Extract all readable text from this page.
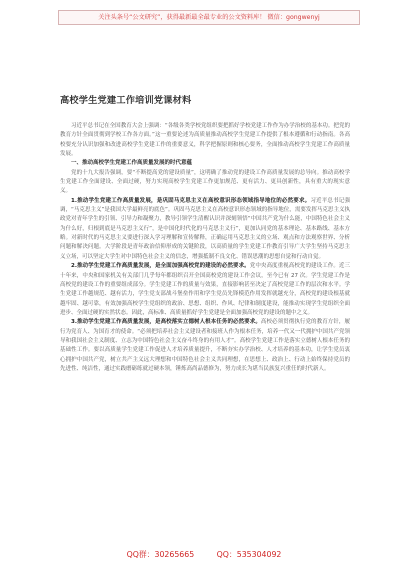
关注头条号“公文研究”，获得最新最全最专业的公文资料库！ 微信：gongwenyj
高校学生党建工作培训党课材料

习近平总书记在全国教育大会上强调：“各级各类学校党组织要把抓好学校党建工作作为办学治校的基本功。把党的教育方针全面贯彻到学校工作各方面。”这一重要论述为高质量推动高校学生党建工作提供了根本遵循和行动指南。各高校要充分认识加强和改进高校学生党建工作的重要意义，科学把握原则和核心要务，全面推动高校学生党建工作高质量发展。

一、推动高校学生党建工作高质量发展的时代意蕴

党的十九大报告强调，要“不断提高党的建设质量”，这明确了推动党的建设工作高质量发展的总导向。推动高校学生党建工作全面建设、全面过硬，努力实现高校学生党建工作更加规范、更有活力、更具创新性，具有重大的现实意义。

1.推动学生党建工作高质量发展，是巩固马克思主义在高校意识形态领域指导地位的必然要求。习近平总书记强调，“马克思主义”是我国大学最鲜亮的底色”。巩固马克思主义在高校意识形态领域的指导地位，需要发挥马克思主义执政党对青年学生的引领、引导力和凝聚力，教导引领学生清醒认识并深刻领悟“中国共产党为什么能，中国特色社会主义为什么好，归根到底是马克思主义行”，是中国化时代化的马克思主义行”，更加认同党的基本理论、基本路线、基本方略。对新时代的马克思主义要进行深入学习理解和宣传解释，正确运用马克思主义的立场、观点和方法观察世界、分析问题和解决问题。大学阶段是青年政治信仰形成的关键阶段，以高质量的学生党建工作教育引导广大学生坚持马克思主义立场，可以坚定大学生对中国特色社会主义的信念，增强抵制不良文化、错误思潮的思想自觉和行动自觉。

2.推动学生党建工作高质量发展，是全面加强高校党的建设的必然要求。党中央高度重视高校党的建设工作。近三十年来，中央和国家机关有关部门几乎每年都组织召开全国高校党的建设工作会议，至今已有 27 次。学生党建工作是高校党的建设工作的重要组成部分。学生党建工作的质量与效果，直接影响甚至决定了高校党建工作的层次和水平。学生党建工作越规范、越有活力，学生党支部战斗堡垒作用和学生党员先锋模范作用发挥就越充分，高校党的建设根基就越牢固、越可靠，有效加强高校学生党组织的政治、思想、组织、作风、纪律和制度建设，能推动实现学生党组织全面进步、全面过硬的实然状态。因此，高标准、高质量抓好学生党建是全面加强高校党的建设的题中之义。

3.推动学生党建工作高质量发展，是高校落实立德树人根本任务的必然要求。高校必须贯彻执行党的教育方针，履行为党育人、为国育才的使命。“必须把培养社会主义建设者和接班人作为根本任务，培养一代又一代拥护中国共产党领导和我国社会主义制度、立志为中国特色社会主义奋斗终身的有用人才”。高校学生党建工作是落实立德树人根本任务的基础性工作。要以高质量学生党建工作促进人才培养质量提升，不断夯实办学治校、人才培养的基本功，让学生党员衷心拥护中国共产党，树立共产主义远大理想和中国特色社会主义共同理想，在思想上、政治上、行动上始终保持党员的先进性、纯洁性，通过实践磨砺练就过硬本领，锤炼高尚品德修为，努力成长为堪当民族复兴重任的时代新人。

QQ群：30265665	QQ：535304092
